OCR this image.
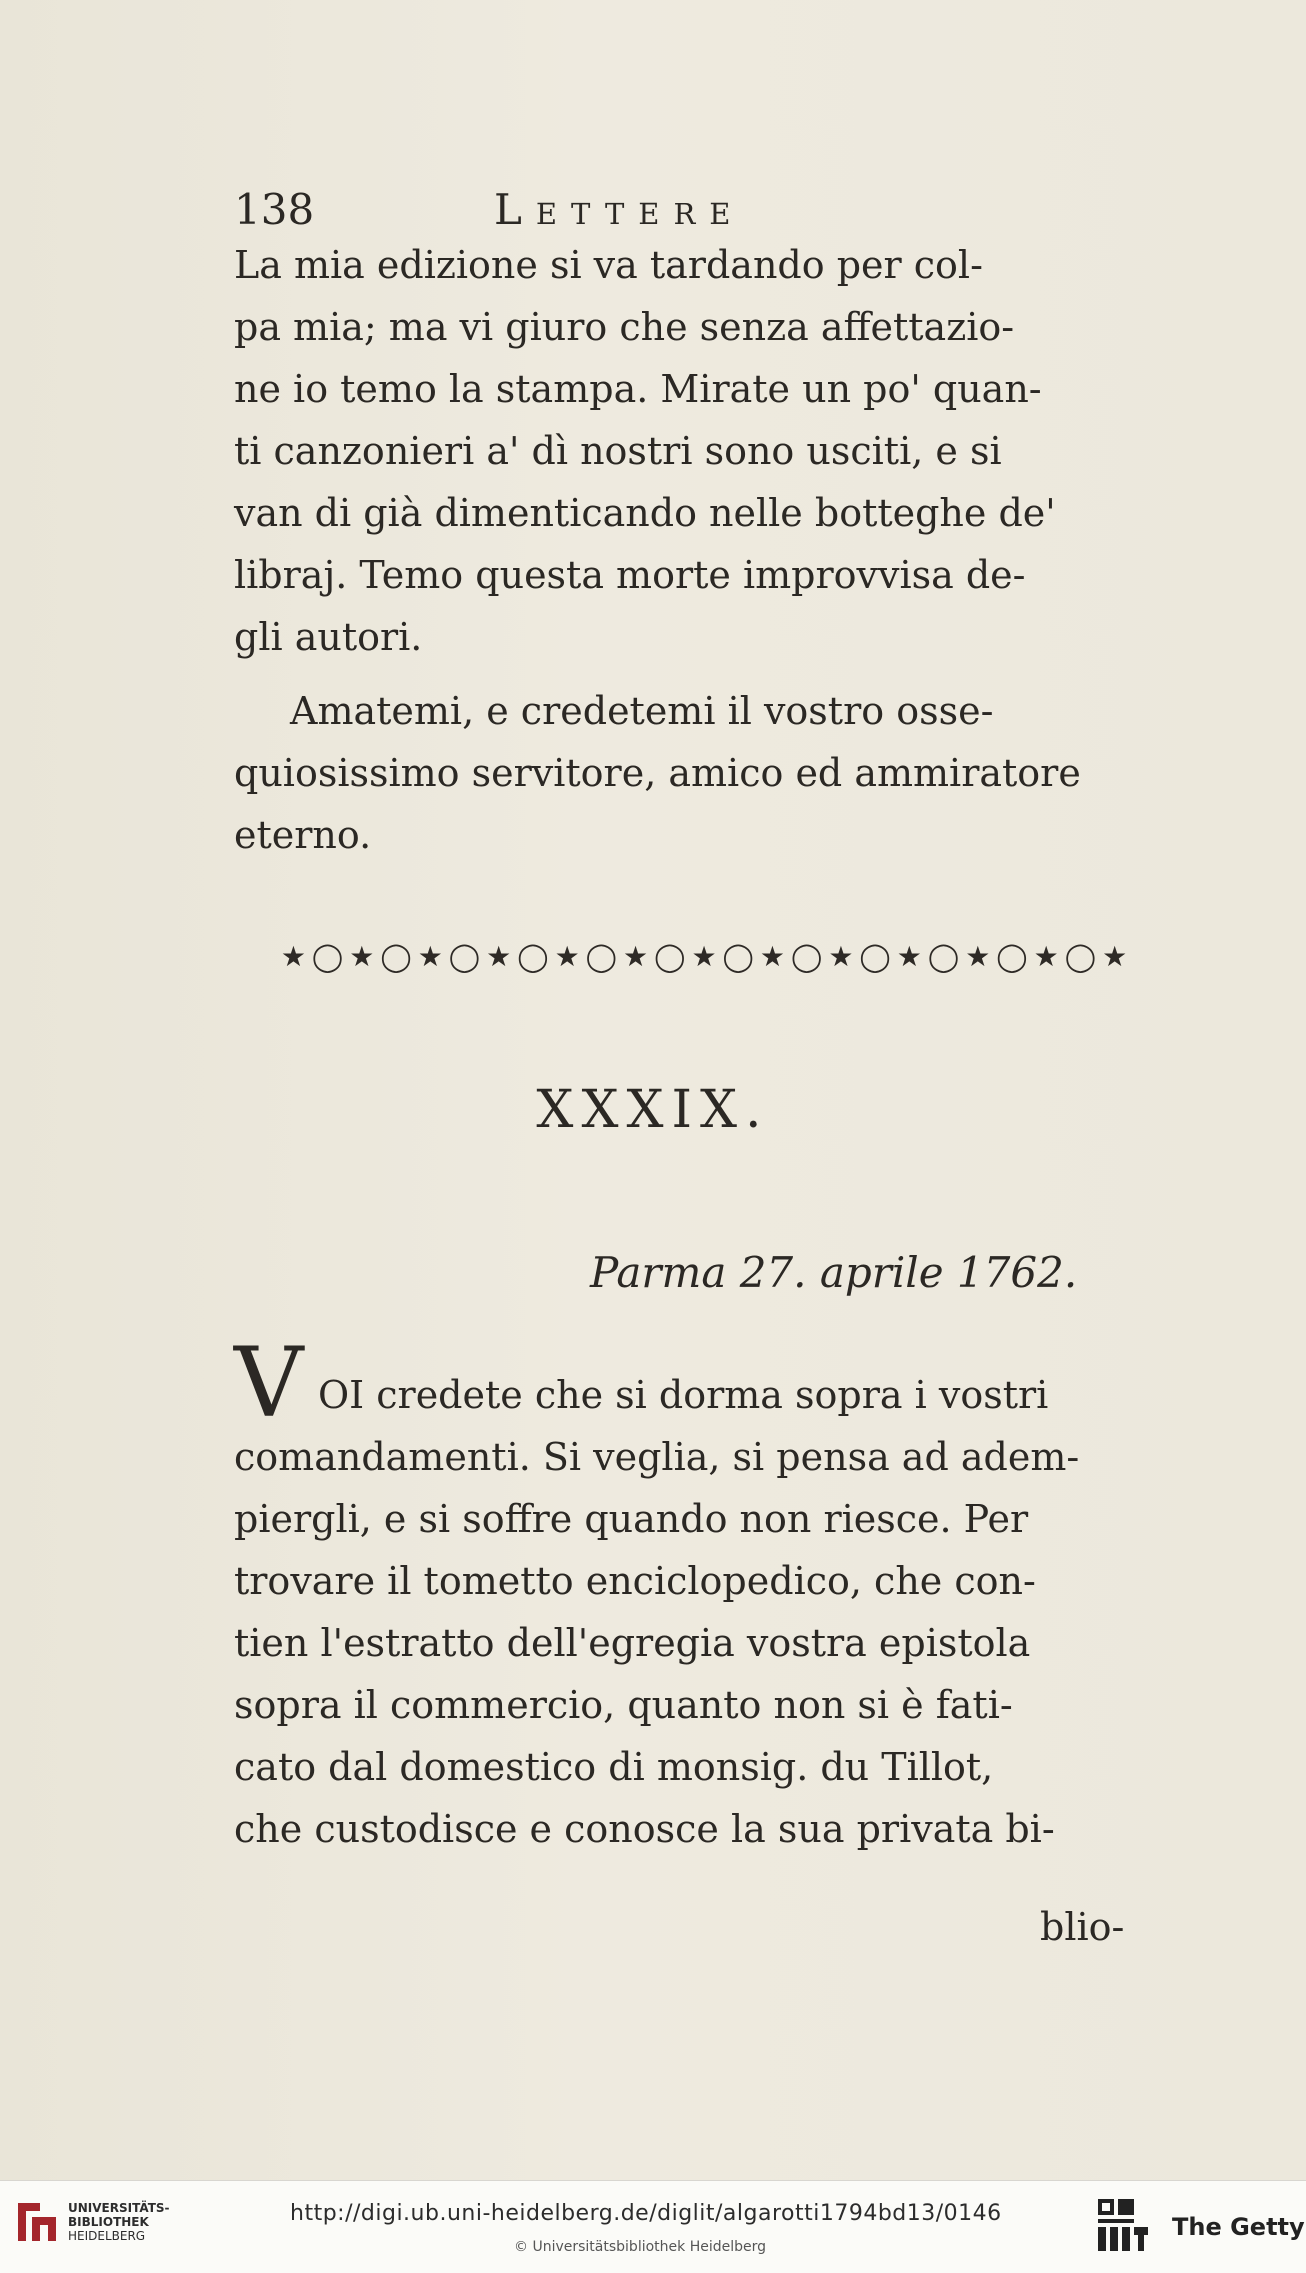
138	Lettere
La mia edizione si va tardando per col-
pa mia; ma vi giuro che senza affettazio-
ne io temo la stampa. Mirate un po' quan-
ti canzonieri a' dì nostri sono usciti, e si
van di già dimenticando nelle botteghe de'
libraj. Temo questa morte improvvisa de-
gli autori.
Amatemi, e credetemi il vostro osse-
quiosissimo servitore, amico ed ammiratore
eterno.
★◯★◯★◯★◯★◯★◯★◯★◯★◯★◯★◯★◯★
XXXIX.
Parma 27. aprile 1762.
V OI credete che si dorma sopra i vostri
comandamenti. Si veglia, si pensa ad adem-
piergli, e si soffre quando non riesce. Per
trovare il tometto enciclopedico, che con-
tien l'estratto dell'egregia vostra epistola
sopra il commercio, quanto non si è fati-
cato dal domestico di monsig. du Tillot,
che custodisce e conosce la sua privata bi-
blio-
UNIVERSITÄTS-
BIBLIOTHEK
HEIDELBERG
http://digi.ub.uni-heidelberg.de/diglit/algarotti1794bd13/0146
© Universitätsbibliothek Heidelberg
The Getty
